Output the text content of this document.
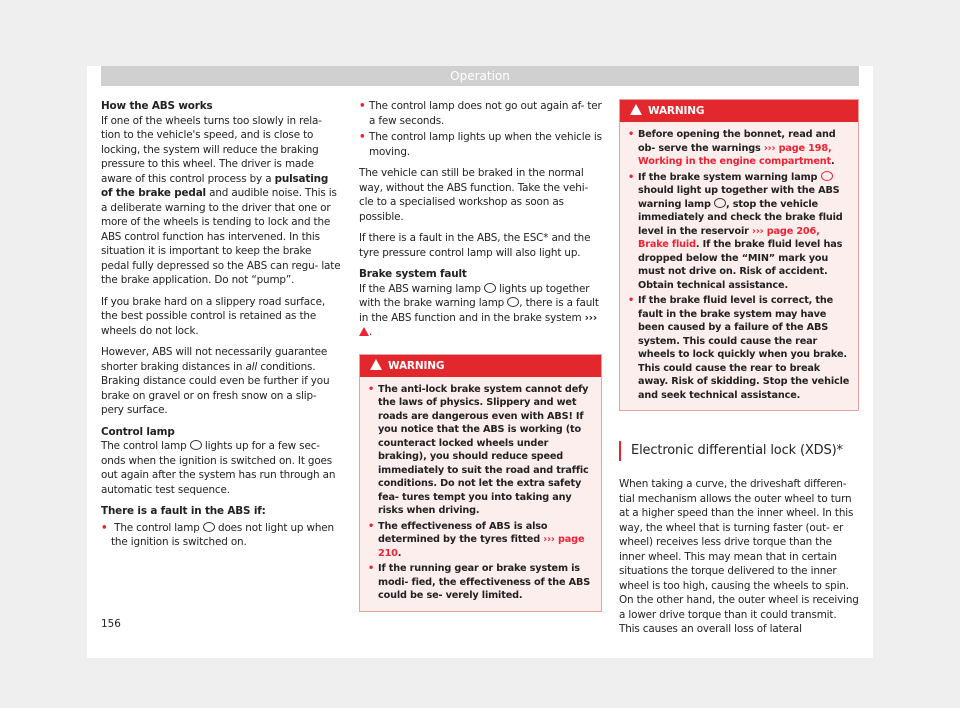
Operation

How the ABS works
If one of the wheels turns too slowly in rela- tion to the vehicle's speed, and is close to locking, the system will reduce the braking pressure to this wheel. The driver is made aware of this control process by a pulsating of the brake pedal and audible noise. This is a deliberate warning to the driver that one or more of the wheels is tending to lock and the ABS control function has intervened. In this situation it is important to keep the brake pedal fully depressed so the ABS can regu- late the brake application. Do not “pump”.

If you brake hard on a slippery road surface, the best possible control is retained as the wheels do not lock.

However, ABS will not necessarily guarantee shorter braking distances in all conditions. Braking distance could even be further if you brake on gravel or on fresh snow on a slip- pery surface.

Control lamp
The control lamp  lights up for a few sec- onds when the ignition is switched on. It goes out again after the system has run through an automatic test sequence.

There is a fault in the ABS if:

• The control lamp  does not light up when the ignition is switched on.

• The control lamp does not go out again af- ter a few seconds.

• The control lamp lights up when the vehicle is moving.

The vehicle can still be braked in the normal way, without the ABS function. Take the vehi- cle to a specialised workshop as soon as possible.

If there is a fault in the ABS, the ESC* and the tyre pressure control lamp will also light up.

Brake system fault
If the ABS warning lamp  lights up together with the brake warning lamp , there is a fault in the ABS function and in the brake system ››› .

WARNING

• The anti-lock brake system cannot defy the laws of physics. Slippery and wet roads are dangerous even with ABS! If you notice that the ABS is working (to counteract locked wheels under braking), you should reduce speed immediately to suit the road and traffic conditions. Do not let the extra safety fea- tures tempt you into taking any risks when driving.

• The effectiveness of ABS is also determined by the tyres fitted ››› page 210.

• If the running gear or brake system is modi- fied, the effectiveness of the ABS could be se- verely limited.

WARNING

• Before opening the bonnet, read and ob- serve the warnings ››› page 198, Working in the engine compartment.

• If the brake system warning lamp  should light up together with the ABS warning lamp , stop the vehicle immediately and check the brake fluid level in the reservoir ››› page 206, Brake fluid. If the brake fluid level has dropped below the “MIN” mark you must not drive on. Risk of accident. Obtain technical assistance.

• If the brake fluid level is correct, the fault in the brake system may have been caused by a failure of the ABS system. This could cause the rear wheels to lock quickly when you brake. This could cause the rear to break away. Risk of skidding. Stop the vehicle and seek technical assistance.

Electronic differential lock (XDS)*

When taking a curve, the driveshaft differen- tial mechanism allows the outer wheel to turn at a higher speed than the inner wheel. In this way, the wheel that is turning faster (out- er wheel) receives less drive torque than the inner wheel. This may mean that in certain situations the torque delivered to the inner wheel is too high, causing the wheels to spin. On the other hand, the outer wheel is receiving a lower drive torque than it could transmit. This causes an overall loss of lateral

156
